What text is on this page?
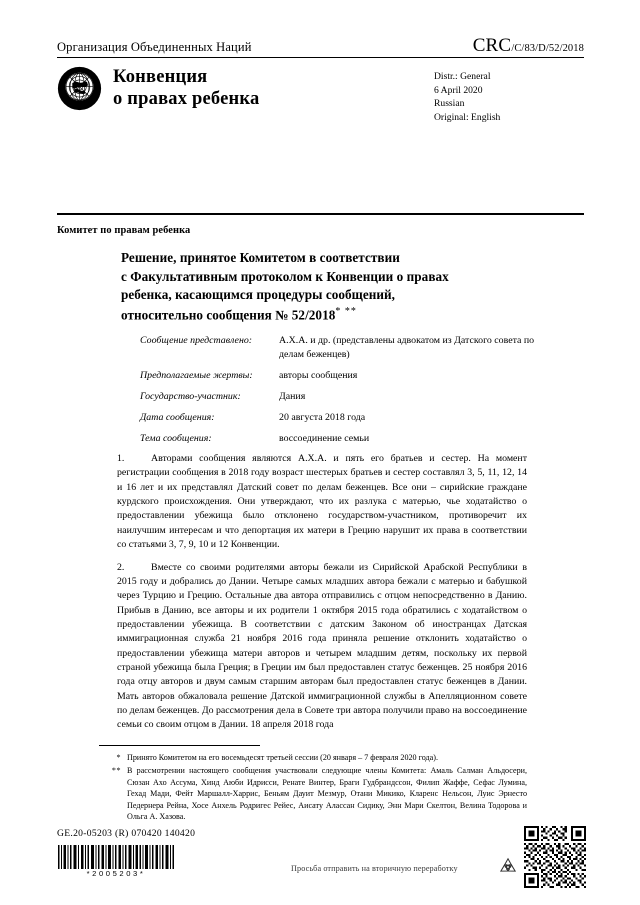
Организация Объединенных Наций	CRC/C/83/D/52/2018
Конвенция
о правах ребенка
Distr.: General
6 April 2020
Russian
Original: English
Комитет по правам ребенка
Решение, принятое Комитетом в соответствии
с Факультативным протоколом к Конвенции о правах
ребенка, касающимся процедуры сообщений,
относительно сообщения № 52/2018* **
Сообщение представлено:	А.Х.А. и др. (представлены адвокатом из Датского совета по делам беженцев)
Предполагаемые жертвы:	авторы сообщения
Государство-участник:	Дания
Дата сообщения:	20 августа 2018 года
Тема сообщения:	воссоединение семьи
1.	Авторами сообщения являются А.Х.А. и пять его братьев и сестер. На момент регистрации сообщения в 2018 году возраст шестерых братьев и сестер составлял 3, 5, 11, 12, 14 и 16 лет и их представлял Датский совет по делам беженцев. Все они – сирийские граждане курдского происхождения. Они утверждают, что их разлука с матерью, чье ходатайство о предоставлении убежища было отклонено государством-участником, противоречит их наилучшим интересам и что депортация их матери в Грецию нарушит их права в соответствии со статьями 3, 7, 9, 10 и 12 Конвенции.
2.	Вместе со своими родителями авторы бежали из Сирийской Арабской Республики в 2015 году и добрались до Дании. Четыре самых младших автора бежали с матерью и бабушкой через Турцию и Грецию. Остальные два автора отправились с отцом непосредственно в Данию. Прибыв в Данию, все авторы и их родители 1 октября 2015 года обратились с ходатайством о предоставлении убежища. В соответствии с датским Законом об иностранцах Датская иммиграционная служба 21 ноября 2016 года приняла решение отклонить ходатайство о предоставлении убежища матери авторов и четырем младшим детям, поскольку их первой страной убежища была Греция; в Греции им был предоставлен статус беженцев. 25 ноября 2016 года отцу авторов и двум самым старшим авторам был предоставлен статус беженцев в Дании. Мать авторов обжаловала решение Датской иммиграционной службы в Апелляционном совете по делам беженцев. До рассмотрения дела в Совете три автора получили право на воссоединение семьи со своим отцом в Дании. 18 апреля 2018 года
* Принято Комитетом на его восемьдесят третьей сессии (20 января – 7 февраля 2020 года).
** В рассмотрении настоящего сообщения участвовали следующие члены Комитета: Амаль Салман Альдосери, Сюзан Ахо Ассума, Хинд Аюби Идрисси, Ренате Винтер, Браги Гудбрандссон, Филип Жаффе, Сефас Лумина, Гехад Мади, Фейт Маршалл-Харрис, Беньям Дауит Мезмур, Отани Микико, Кларенс Нельсон, Луис Эрнесто Педернера Рейна, Хосе Анхель Родригес Рейес, Аисату Алассан Сидику, Энн Мари Скелтон, Велина Тодорова и Ольга А. Хазова.
GE.20-05203 (R) 070420 140420
*2005203*
Просьба отправить на вторичную переработку
